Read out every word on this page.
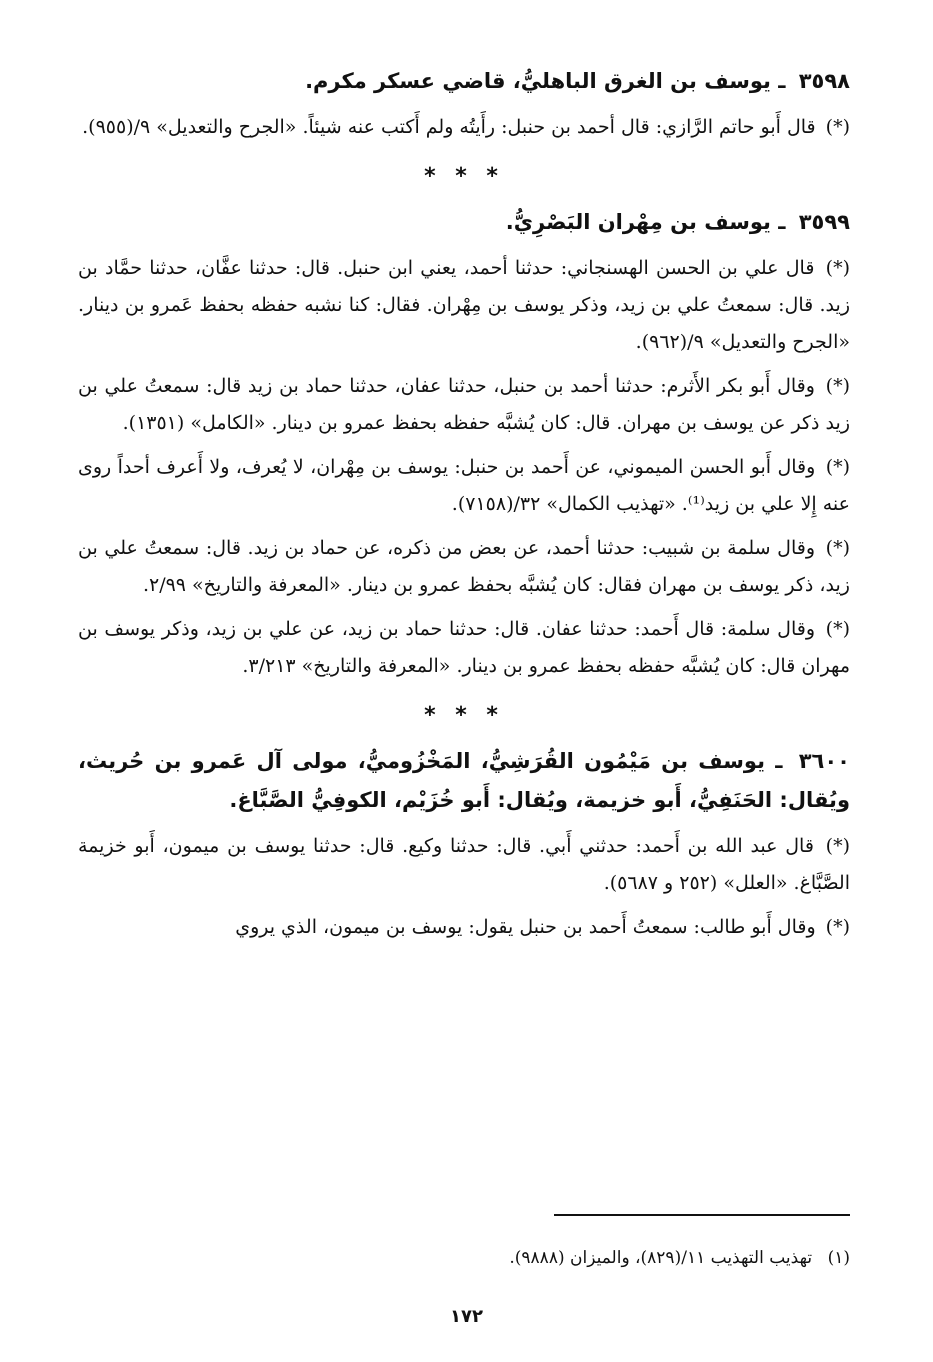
٣٥٩٨ ـ يوسف بن الغرق الباهليُّ، قاضي عسكر مكرم.
(*) قال أَبو حاتم الرَّازي: قال أحمد بن حنبل: رأَيتُه ولم أَكتب عنه شيئاً. «الجرح والتعديل» ٩/(٩٥٥).
* * *
٣٥٩٩ ـ يوسف بن مِهْران البَصْرِيُّ.
(*) قال علي بن الحسن الهسنجاني: حدثنا أحمد، يعني ابن حنبل. قال: حدثنا عفَّان، حدثنا حمَّاد بن زيد. قال: سمعتُ علي بن زيد، وذكر يوسف بن مِهْران. فقال: كنا نشبه حفظه بحفظ عَمرو بن دينار. «الجرح والتعديل» ٩/(٩٦٢).
(*) وقال أَبو بكر الأَثرم: حدثنا أحمد بن حنبل، حدثنا عفان، حدثنا حماد بن زيد قال: سمعتُ علي بن زيد ذكر عن يوسف بن مهران. قال: كان يُشبَّه حفظه بحفظ عمرو بن دينار. «الكامل» (١٣٥١).
(*) وقال أَبو الحسن الميموني، عن أَحمد بن حنبل: يوسف بن مِهْران، لا يُعرف، ولا أَعرف أحداً روى عنه إِلا علي بن زيد⁽¹⁾. «تهذيب الكمال» ٣٢/(٧١٥٨).
(*) وقال سلمة بن شبيب: حدثنا أحمد، عن بعض من ذكره، عن حماد بن زيد. قال: سمعتُ علي بن زيد، ذكر يوسف بن مهران فقال: كان يُشبَّه بحفظ عمرو بن دينار. «المعرفة والتاريخ» ٢/٩٩.
(*) وقال سلمة: قال أَحمد: حدثنا عفان. قال: حدثنا حماد بن زيد، عن علي بن زيد، وذكر يوسف بن مهران قال: كان يُشبَّه حفظه بحفظ عمرو بن دينار. «المعرفة والتاريخ» ٣/٢١٣.
* * *
٣٦٠٠ ـ يوسف بن مَيْمُون القُرَشِيُّ، المَخْزُوميُّ، مولى آل عَمرو بن حُريث، ويُقال: الحَنَفِيُّ، أَبو خزيمة، ويُقال: أَبو خُزَيْم، الكوفِيُّ الصَّبَّاغ.
(*) قال عبد الله بن أَحمد: حدثني أَبي. قال: حدثنا وكيع. قال: حدثنا يوسف بن ميمون، أَبو خزيمة الصَّبَّاغ. «العلل» (٢٥٢ و ٥٦٨٧).
(*) وقال أَبو طالب: سمعتُ أَحمد بن حنبل يقول: يوسف بن ميمون، الذي يروي
(١) تهذيب التهذيب ١١/(٨٢٩)، والميزان (٩٨٨٨).
١٧٢
